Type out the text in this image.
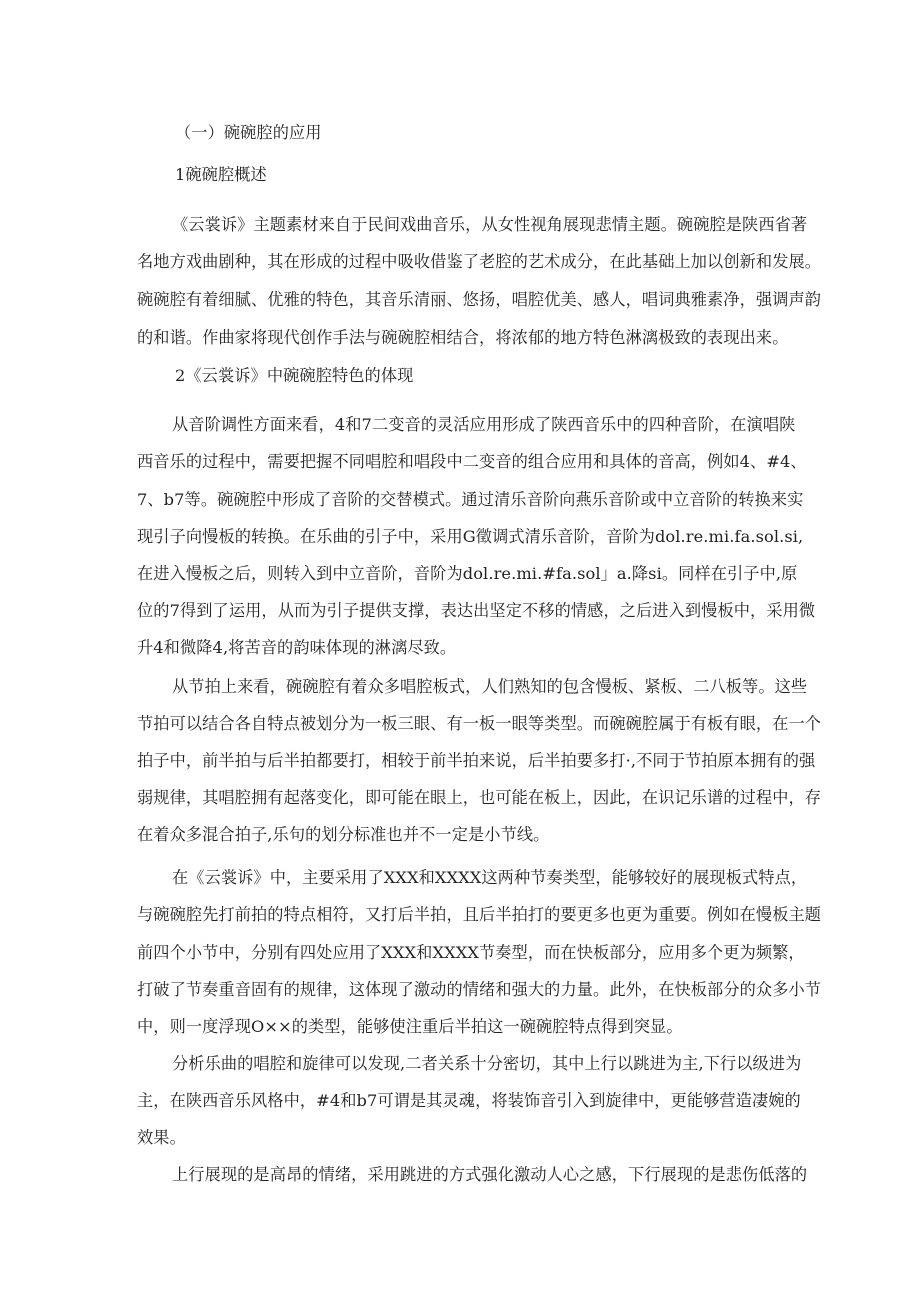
（一）碗碗腔的应用
1碗碗腔概述
《云裳诉》主题素材来自于民间戏曲音乐，从女性视角展现悲情主题。碗碗腔是陕西省著
名地方戏曲剧种，其在形成的过程中吸收借鉴了老腔的艺术成分，在此基础上加以创新和发展。
碗碗腔有着细腻、优雅的特色，其音乐清丽、悠扬，唱腔优美、感人，唱词典雅素净，强调声韵
的和谐。作曲家将现代创作手法与碗碗腔相结合，将浓郁的地方特色淋漓极致的表现出来。
2《云裳诉》中碗碗腔特色的体现
从音阶调性方面来看，4和7二变音的灵活应用形成了陕西音乐中的四种音阶，在演唱陕
西音乐的过程中，需要把握不同唱腔和唱段中二变音的组合应用和具体的音高，例如4、#4、
7、b7等。碗碗腔中形成了音阶的交替模式。通过清乐音阶向燕乐音阶或中立音阶的转换来实
现引子向慢板的转换。在乐曲的引子中，采用G徵调式清乐音阶，音阶为dol.re.mi.fa.sol.si,
在进入慢板之后，则转入到中立音阶，音阶为dol.re.mi.#fa.sol」a.降si。同样在引子中,原
位的7得到了运用，从而为引子提供支撑，表达出坚定不移的情感，之后进入到慢板中，采用微
升4和微降4,将苦音的韵味体现的淋漓尽致。
从节拍上来看，碗碗腔有着众多唱腔板式，人们熟知的包含慢板、紧板、二八板等。这些
节拍可以结合各自特点被划分为一板三眼、有一板一眼等类型。而碗碗腔属于有板有眼，在一个
拍子中，前半拍与后半拍都要打，相较于前半拍来说，后半拍要多打·,不同于节拍原本拥有的强
弱规律，其唱腔拥有起落变化，即可能在眼上，也可能在板上，因此，在识记乐谱的过程中，存
在着众多混合拍子,乐句的划分标准也并不一定是小节线。
在《云裳诉》中，主要采用了XXX和XXXX这两种节奏类型，能够较好的展现板式特点，
与碗碗腔先打前拍的特点相符，又打后半拍，且后半拍打的要更多也更为重要。例如在慢板主题
前四个小节中，分别有四处应用了XXX和XXXX节奏型，而在快板部分，应用多个更为频繁，
打破了节奏重音固有的规律，这体现了激动的情绪和强大的力量。此外，在快板部分的众多小节
中，则一度浮现O××的类型，能够使注重后半拍这一碗碗腔特点得到突显。
分析乐曲的唱腔和旋律可以发现,二者关系十分密切，其中上行以跳进为主,下行以级进为
主，在陕西音乐风格中，#4和b7可谓是其灵魂，将装饰音引入到旋律中，更能够营造凄婉的
效果。
上行展现的是高昂的情绪，采用跳进的方式强化激动人心之感，下行展现的是悲伤低落的
